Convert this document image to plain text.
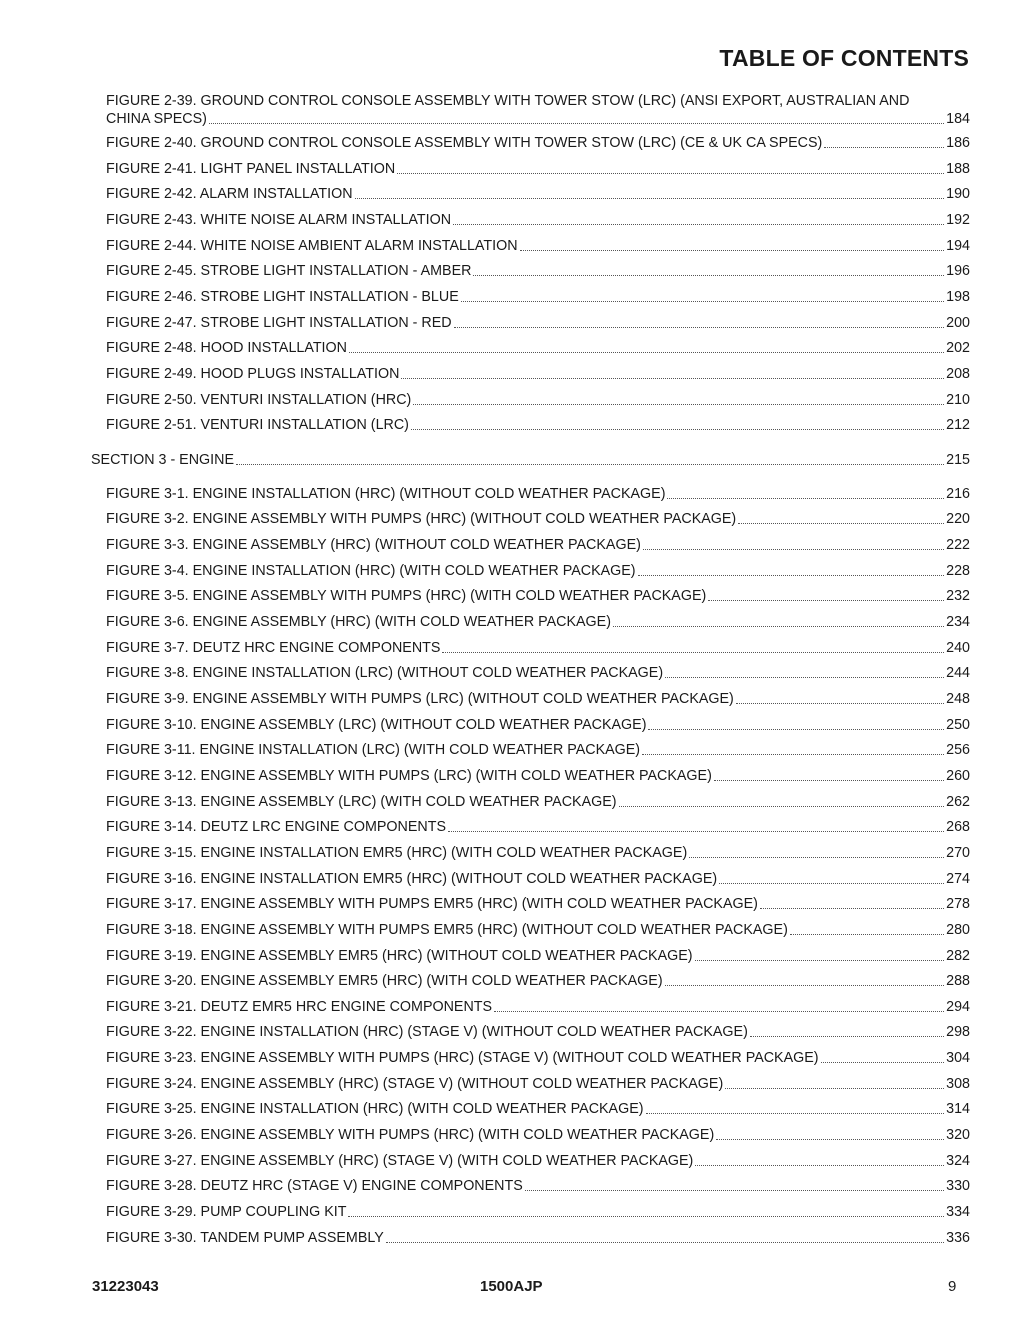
TABLE OF CONTENTS
FIGURE 2-39. GROUND CONTROL CONSOLE ASSEMBLY WITH TOWER STOW (LRC) (ANSI EXPORT, AUSTRALIAN AND
CHINA SPECS)	184
FIGURE 2-40. GROUND CONTROL CONSOLE ASSEMBLY WITH TOWER STOW (LRC) (CE & UK CA SPECS)	186
FIGURE 2-41. LIGHT PANEL INSTALLATION	188
FIGURE 2-42. ALARM INSTALLATION	190
FIGURE 2-43. WHITE NOISE ALARM INSTALLATION	192
FIGURE 2-44. WHITE NOISE AMBIENT ALARM INSTALLATION	194
FIGURE 2-45. STROBE LIGHT INSTALLATION - AMBER	196
FIGURE 2-46. STROBE LIGHT INSTALLATION - BLUE	198
FIGURE 2-47. STROBE LIGHT INSTALLATION - RED	200
FIGURE 2-48. HOOD INSTALLATION	202
FIGURE 2-49. HOOD PLUGS INSTALLATION	208
FIGURE 2-50. VENTURI INSTALLATION (HRC)	210
FIGURE 2-51. VENTURI INSTALLATION (LRC)	212
SECTION 3 - ENGINE	215
FIGURE 3-1. ENGINE INSTALLATION (HRC) (WITHOUT COLD WEATHER PACKAGE)	216
FIGURE 3-2. ENGINE ASSEMBLY WITH PUMPS (HRC) (WITHOUT COLD WEATHER PACKAGE)	220
FIGURE 3-3. ENGINE ASSEMBLY (HRC) (WITHOUT COLD WEATHER PACKAGE)	222
FIGURE 3-4. ENGINE INSTALLATION (HRC) (WITH COLD WEATHER PACKAGE)	228
FIGURE 3-5. ENGINE ASSEMBLY WITH PUMPS (HRC) (WITH COLD WEATHER PACKAGE)	232
FIGURE 3-6. ENGINE ASSEMBLY (HRC) (WITH COLD WEATHER PACKAGE)	234
FIGURE 3-7. DEUTZ HRC ENGINE COMPONENTS	240
FIGURE 3-8. ENGINE INSTALLATION (LRC) (WITHOUT COLD WEATHER PACKAGE)	244
FIGURE 3-9. ENGINE ASSEMBLY WITH PUMPS (LRC) (WITHOUT COLD WEATHER PACKAGE)	248
FIGURE 3-10. ENGINE ASSEMBLY (LRC) (WITHOUT COLD WEATHER PACKAGE)	250
FIGURE 3-11. ENGINE INSTALLATION (LRC) (WITH COLD WEATHER PACKAGE)	256
FIGURE 3-12. ENGINE ASSEMBLY WITH PUMPS (LRC) (WITH COLD WEATHER PACKAGE)	260
FIGURE 3-13. ENGINE ASSEMBLY (LRC) (WITH COLD WEATHER PACKAGE)	262
FIGURE 3-14. DEUTZ LRC ENGINE COMPONENTS	268
FIGURE 3-15. ENGINE INSTALLATION EMR5 (HRC) (WITH COLD WEATHER PACKAGE)	270
FIGURE 3-16. ENGINE INSTALLATION EMR5 (HRC) (WITHOUT COLD WEATHER PACKAGE)	274
FIGURE 3-17. ENGINE ASSEMBLY WITH PUMPS EMR5 (HRC) (WITH COLD WEATHER PACKAGE)	278
FIGURE 3-18. ENGINE ASSEMBLY WITH PUMPS EMR5 (HRC) (WITHOUT COLD WEATHER PACKAGE)	280
FIGURE 3-19. ENGINE ASSEMBLY EMR5 (HRC) (WITHOUT COLD WEATHER PACKAGE)	282
FIGURE 3-20. ENGINE ASSEMBLY EMR5 (HRC) (WITH COLD WEATHER PACKAGE)	288
FIGURE 3-21. DEUTZ EMR5 HRC ENGINE COMPONENTS	294
FIGURE 3-22. ENGINE INSTALLATION (HRC) (STAGE V) (WITHOUT COLD WEATHER PACKAGE)	298
FIGURE 3-23. ENGINE ASSEMBLY WITH PUMPS (HRC) (STAGE V) (WITHOUT COLD WEATHER PACKAGE)	304
FIGURE 3-24. ENGINE ASSEMBLY (HRC) (STAGE V) (WITHOUT COLD WEATHER PACKAGE)	308
FIGURE 3-25. ENGINE INSTALLATION (HRC) (WITH COLD WEATHER PACKAGE)	314
FIGURE 3-26. ENGINE ASSEMBLY WITH PUMPS (HRC) (WITH COLD WEATHER PACKAGE)	320
FIGURE 3-27. ENGINE ASSEMBLY (HRC) (STAGE V) (WITH COLD WEATHER PACKAGE)	324
FIGURE 3-28. DEUTZ HRC (STAGE V) ENGINE COMPONENTS	330
FIGURE 3-29. PUMP COUPLING KIT	334
FIGURE 3-30. TANDEM PUMP ASSEMBLY	336
31223043	1500AJP	9
